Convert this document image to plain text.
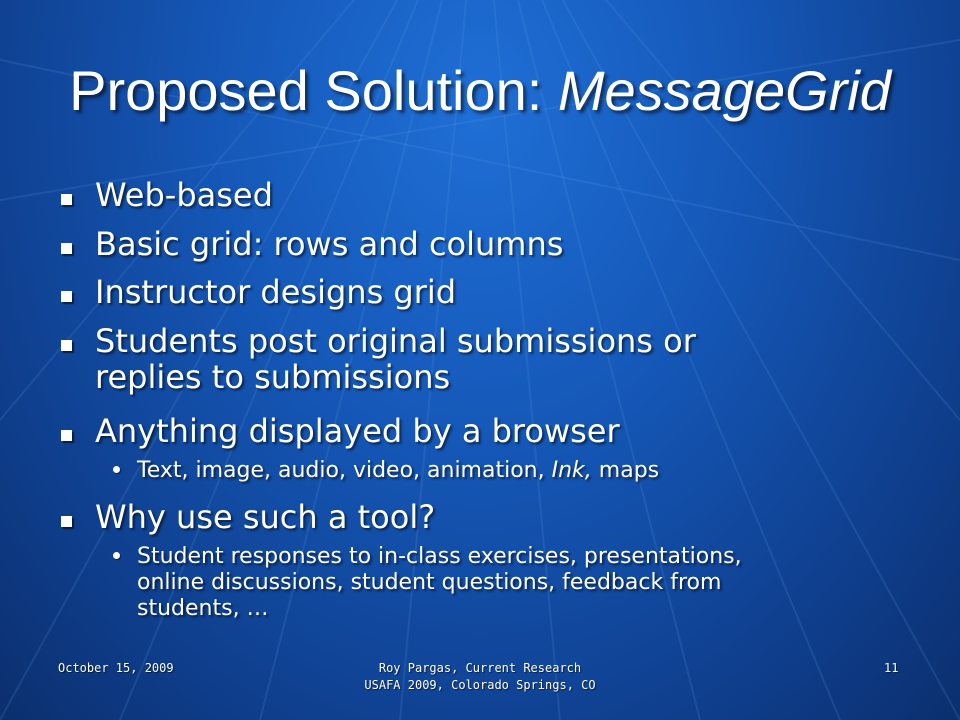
Proposed Solution: MessageGrid
Web-based
Basic grid: rows and columns
Instructor designs grid
Students post original submissions or
replies to submissions
Anything displayed by a browser
Text, image, audio, video, animation, Ink, maps
Why use such a tool?
Student responses to in-class exercises, presentations,
online discussions, student questions, feedback from
students, …
October 15, 2009	Roy Pargas, Current Research
USAFA 2009, Colorado Springs, CO
11
